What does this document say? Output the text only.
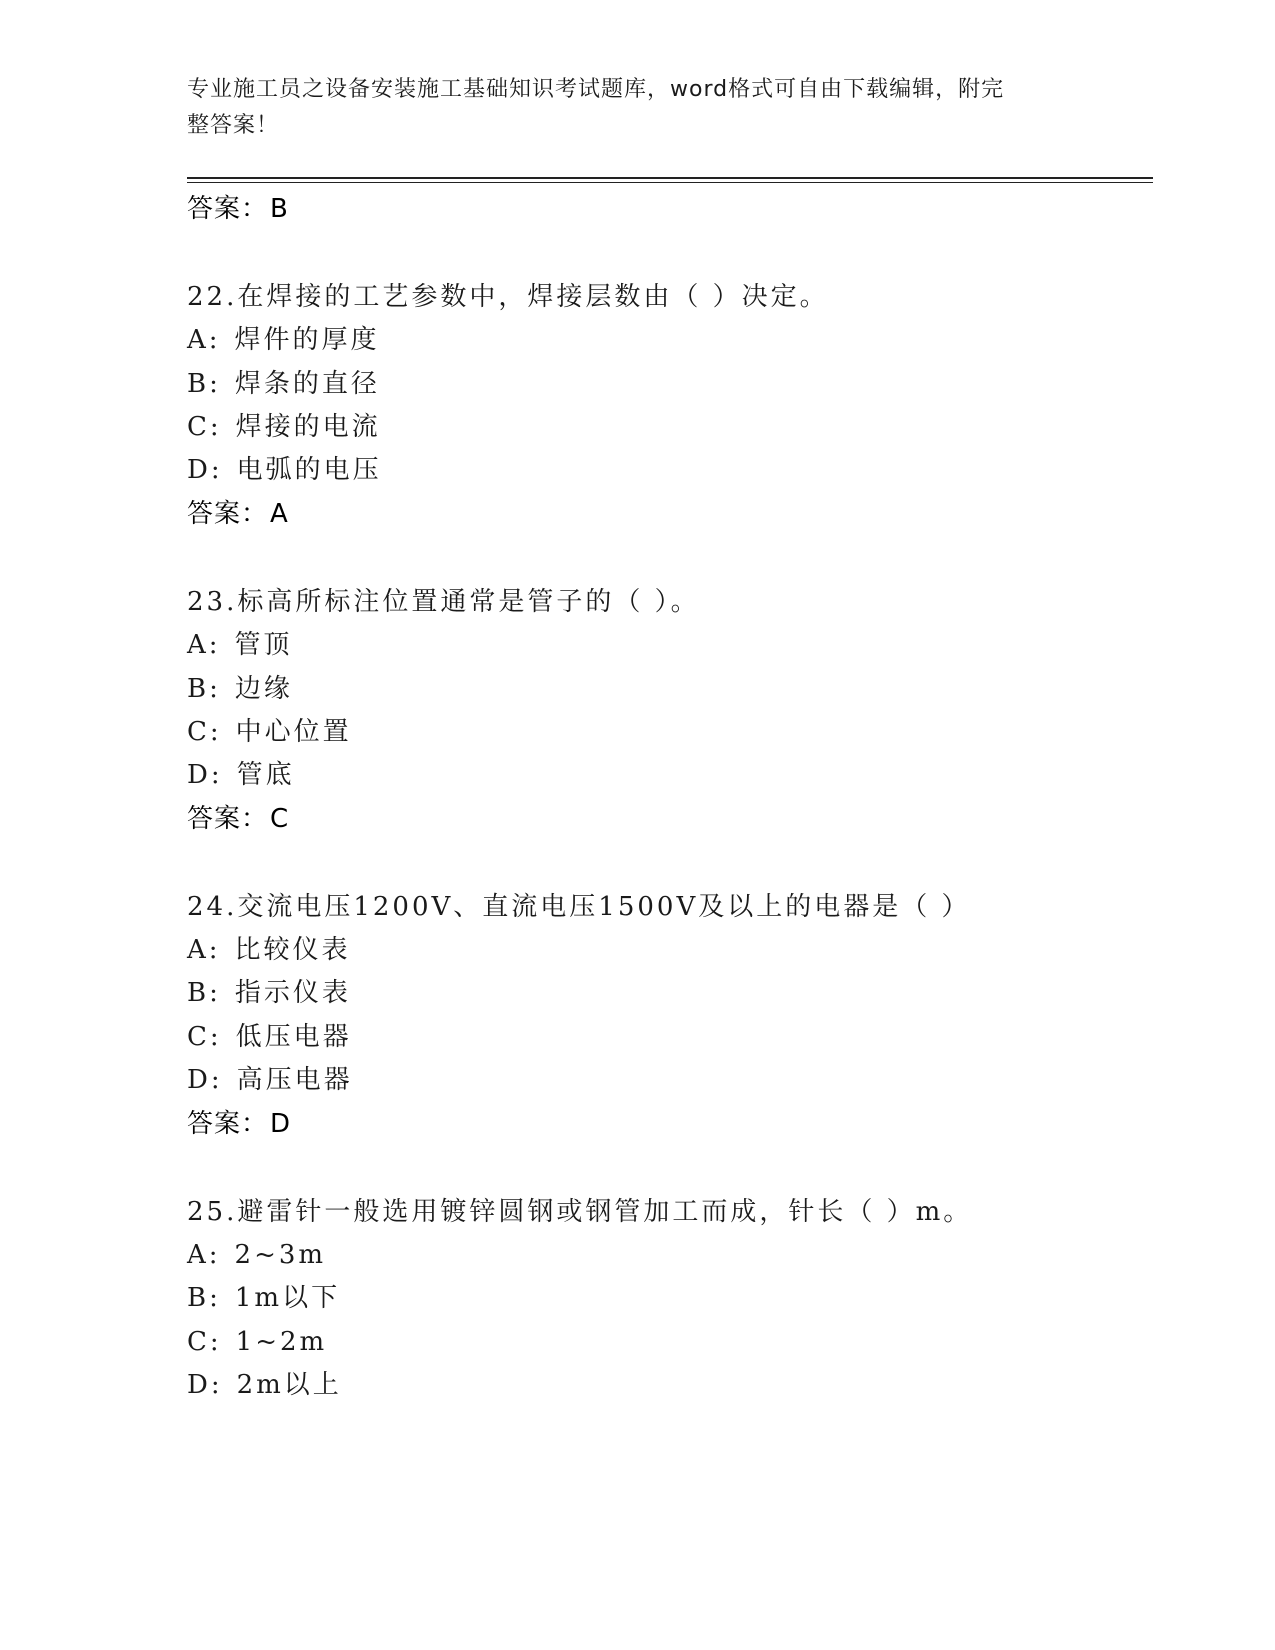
专业施工员之设备安装施工基础知识考试题库，word格式可自由下载编辑，附完
整答案！
答案：B
22.在焊接的工艺参数中，焊接层数由（ ）决定。
A: 焊件的厚度
B: 焊条的直径
C: 焊接的电流
D: 电弧的电压
答案：A
23.标高所标注位置通常是管子的（ ）。
A: 管顶
B: 边缘
C: 中心位置
D: 管底
答案：C
24.交流电压1200V、直流电压1500V及以上的电器是（ ）
A: 比较仪表
B: 指示仪表
C: 低压电器
D: 高压电器
答案：D
25.避雷针一般选用镀锌圆钢或钢管加工而成，针长（ ）m。
A: 2~3m
B: 1m以下
C: 1~2m
D: 2m以上
